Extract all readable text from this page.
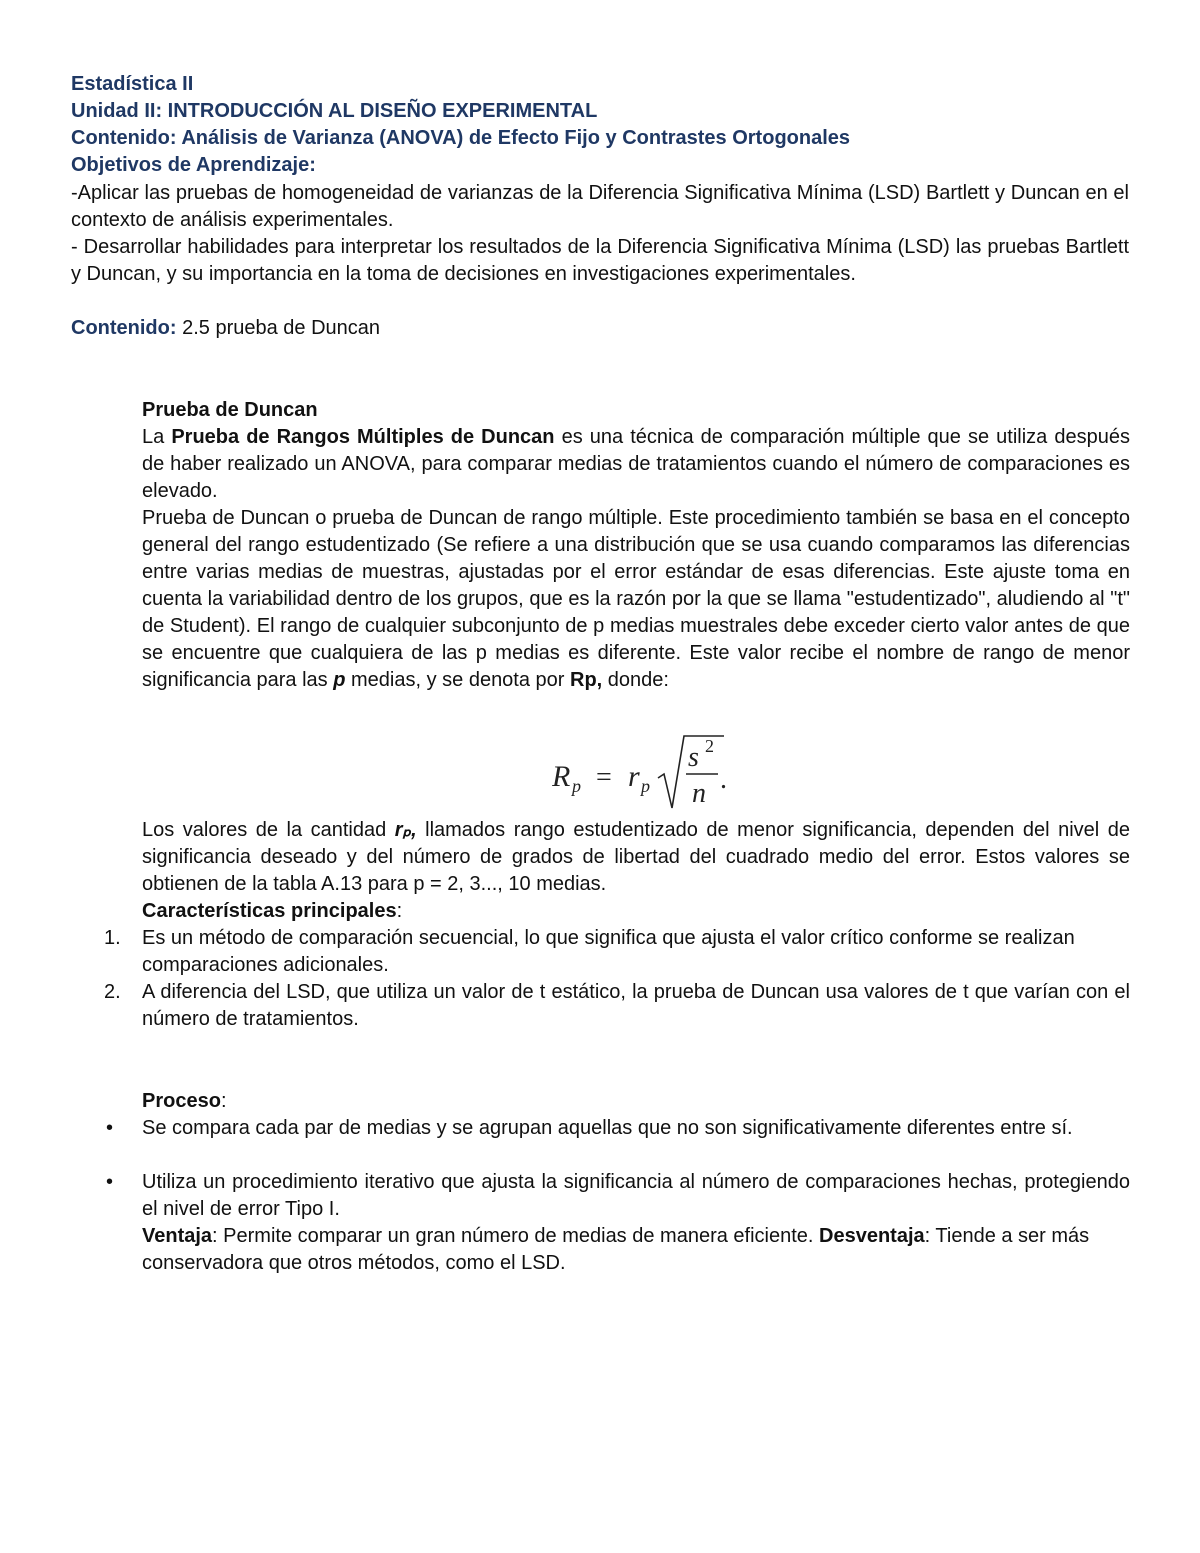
Estadística II
Unidad II: INTRODUCCIÓN AL DISEÑO EXPERIMENTAL
Contenido: Análisis de Varianza (ANOVA) de Efecto Fijo y Contrastes Ortogonales
Objetivos de Aprendizaje:
-Aplicar las pruebas de homogeneidad de varianzas de la Diferencia Significativa Mínima (LSD) Bartlett y Duncan en el contexto de análisis experimentales.
- Desarrollar habilidades para interpretar los resultados de la Diferencia Significativa Mínima (LSD) las pruebas Bartlett y Duncan, y su importancia en la toma de decisiones en investigaciones experimentales.
Contenido: 2.5 prueba de Duncan
Prueba de Duncan
La Prueba de Rangos Múltiples de Duncan es una técnica de comparación múltiple que se utiliza después de haber realizado un ANOVA, para comparar medias de tratamientos cuando el número de comparaciones es elevado.
Prueba de Duncan o prueba de Duncan de rango múltiple. Este procedimiento también se basa en el concepto general del rango estudentizado (Se refiere a una distribución que se usa cuando comparamos las diferencias entre varias medias de muestras, ajustadas por el error estándar de esas diferencias. Este ajuste toma en cuenta la variabilidad dentro de los grupos, que es la razón por la que se llama "estudentizado", aludiendo al "t" de Student). El rango de cualquier subconjunto de p medias muestrales debe exceder cierto valor antes de que se encuentre que cualquiera de las p medias es diferente. Este valor recibe el nombre de rango de menor significancia para las p medias, y se denota por Rp, donde:
R p = r p
s 2
n .
Los valores de la cantidad rₚ, llamados rango estudentizado de menor significancia, dependen del nivel de significancia deseado y del número de grados de libertad del cuadrado medio del error. Estos valores se obtienen de la tabla A.13 para p = 2, 3..., 10 medias.
Características principales:
1.	Es un método de comparación secuencial, lo que significa que ajusta el valor crítico conforme se realizan comparaciones adicionales.
2.	A diferencia del LSD, que utiliza un valor de t estático, la prueba de Duncan usa valores de t que varían con el número de tratamientos.
Proceso:
•	Se compara cada par de medias y se agrupan aquellas que no son significativamente diferentes entre sí.
•	Utiliza un procedimiento iterativo que ajusta la significancia al número de comparaciones hechas, protegiendo el nivel de error Tipo I.
Ventaja: Permite comparar un gran número de medias de manera eficiente. Desventaja: Tiende a ser más conservadora que otros métodos, como el LSD.
